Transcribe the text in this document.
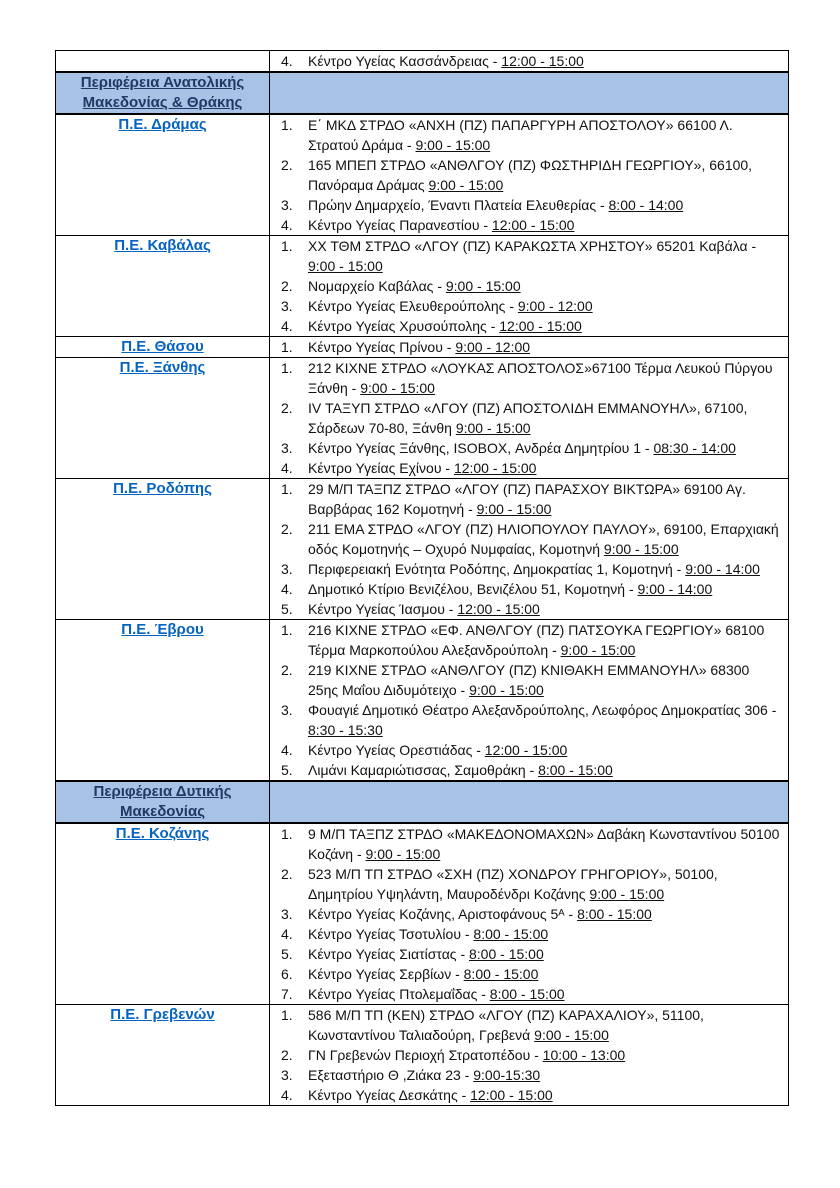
	4. Κέντρο Υγείας Κασσάνδρειας - 12:00 - 15:00

Περιφέρεια Ανατολικής Μακεδονίας & Θράκης	
Π.Ε. Δράμας	1.	Ε΄ ΜΚΔ ΣΤΡΔΟ «ΑΝΧΗ (ΠΖ) ΠΑΠΑΡΓΥΡΗ ΑΠΟΣΤΟΛΟΥ» 66100 Λ. Στρατού Δράμα - 9:00 - 15:00
2.	165 ΜΠΕΠ ΣΤΡΔΟ «ΑΝΘΛΓΟΥ (ΠΖ) ΦΩΣΤΗΡΙΔΗ ΓΕΩΡΓΙΟΥ», 66100, Πανόραμα Δράμας 9:00 - 15:00
3.	Πρώην Δημαρχείο, Έναντι Πλατεία Ελευθερίας - 8:00 - 14:00
4.	Κέντρο Υγείας Παρανεστίου - 12:00 - 15:00

Π.Ε. Καβάλας	1.	ΧΧ ΤΘΜ ΣΤΡΔΟ «ΛΓΟΥ (ΠΖ) ΚΑΡΑΚΩΣΤΑ ΧΡΗΣΤΟΥ» 65201 Καβάλα - 9:00 - 15:00
2.	Νομαρχείο Καβάλας - 9:00 - 15:00
3.	Κέντρο Υγείας Ελευθερούπολης - 9:00 - 12:00
4.	Κέντρο Υγείας Χρυσούπολης - 12:00 - 15:00

Π.Ε. Θάσου	1. Κέντρο Υγείας Πρίνου - 9:00 - 12:00

Π.Ε. Ξάνθης	1.	212 ΚΙΧΝΕ ΣΤΡΔΟ «ΛΟΥΚΑΣ ΑΠΟΣΤΟΛΟΣ»67100 Τέρμα Λευκού Πύργου Ξάνθη - 9:00 - 15:00
2.	IV ΤΑΞΥΠ ΣΤΡΔΟ «ΛΓΟΥ (ΠΖ) ΑΠΟΣΤΟΛΙΔΗ ΕΜΜΑΝΟΥΗΛ», 67100, Σάρδεων 70-80, Ξάνθη 9:00 - 15:00
3.	Κέντρο Υγείας Ξάνθης, ISOBOX, Ανδρέα Δημητρίου 1 - 08:30 - 14:00
4.	Κέντρο Υγείας Εχίνου - 12:00 - 15:00

Π.Ε. Ροδόπης	1.	29 Μ/Π ΤΑΞΠΖ ΣΤΡΔΟ «ΛΓΟΥ (ΠΖ) ΠΑΡΑΣΧΟΥ ΒΙΚΤΩΡΑ» 69100 Αγ. Βαρβάρας 162 Κομοτηνή - 9:00 - 15:00
2.	211 ΕΜΑ ΣΤΡΔΟ «ΛΓΟΥ (ΠΖ) ΗΛΙΟΠΟΥΛΟΥ ΠΑΥΛΟΥ», 69100, Επαρχιακή οδός Κομοτηνής – Οχυρό Νυμφαίας, Κομοτηνή 9:00 - 15:00
3.	Περιφερειακή Ενότητα Ροδόπης, Δημοκρατίας 1, Κομοτηνή - 9:00 - 14:00
4.	Δημοτικό Κτίριο Βενιζέλου, Βενιζέλου 51, Κομοτηνή - 9:00 - 14:00
5.	Κέντρο Υγείας Ίασμου - 12:00 - 15:00

Π.Ε. Έβρου	1.	216 ΚΙΧΝΕ ΣΤΡΔΟ «ΕΦ. ΑΝΘΛΓΟΥ (ΠΖ) ΠΑΤΣΟΥΚΑ ΓΕΩΡΓΙΟΥ» 68100 Τέρμα Μαρκοπούλου Αλεξανδρούπολη - 9:00 - 15:00
2.	219 ΚΙΧΝΕ ΣΤΡΔΟ «ΑΝΘΛΓΟΥ (ΠΖ) ΚΝΙΘΑΚΗ ΕΜΜΑΝΟΥΗΛ» 68300 25ης Μαΐου Διδυμότειχο - 9:00 - 15:00
3.	Φουαγιέ Δημοτικό Θέατρο Αλεξανδρούπολης, Λεωφόρος Δημοκρατίας 306 - 8:30 - 15:30
4.	Κέντρο Υγείας Ορεστιάδας - 12:00 - 15:00
5.	Λιμάνι Καμαριώτισσας, Σαμοθράκη - 8:00 - 15:00

Περιφέρεια Δυτικής Μακεδονίας	
Π.Ε. Κοζάνης	1.	9 Μ/Π ΤΑΞΠΖ ΣΤΡΔΟ «ΜΑΚΕΔΟΝΟΜΑΧΩΝ» Δαβάκη Κωνσταντίνου 50100 Κοζάνη - 9:00 - 15:00
2.	523 Μ/Π ΤΠ ΣΤΡΔΟ «ΣΧΗ (ΠΖ) ΧΟΝΔΡΟΥ ΓΡΗΓΟΡΙΟΥ», 50100, Δημητρίου Υψηλάντη, Μαυροδένδρι Κοζάνης 9:00 - 15:00
3.	Κέντρο Υγείας Κοζάνης, Αριστοφάνους 5ᴬ - 8:00 - 15:00
4.	Κέντρο Υγείας Τσοτυλίου - 8:00 - 15:00
5.	Κέντρο Υγείας Σιατίστας - 8:00 - 15:00
6.	Κέντρο Υγείας Σερβίων - 8:00 - 15:00
7.	Κέντρο Υγείας Πτολεμαΐδας - 8:00 - 15:00

Π.Ε. Γρεβενών	1.	586 Μ/Π ΤΠ (ΚΕΝ) ΣΤΡΔΟ «ΛΓΟΥ (ΠΖ) ΚΑΡΑΧΑΛΙΟΥ», 51100, Κωνσταντίνου Ταλιαδούρη, Γρεβενά 9:00 - 15:00
2.	ΓΝ Γρεβενών Περιοχή Στρατοπέδου - 10:00 - 13:00
3.	Εξεταστήριο Θ ,Ζιάκα 23 - 9:00-15:30
4.	Κέντρο Υγείας Δεσκάτης - 12:00 - 15:00
